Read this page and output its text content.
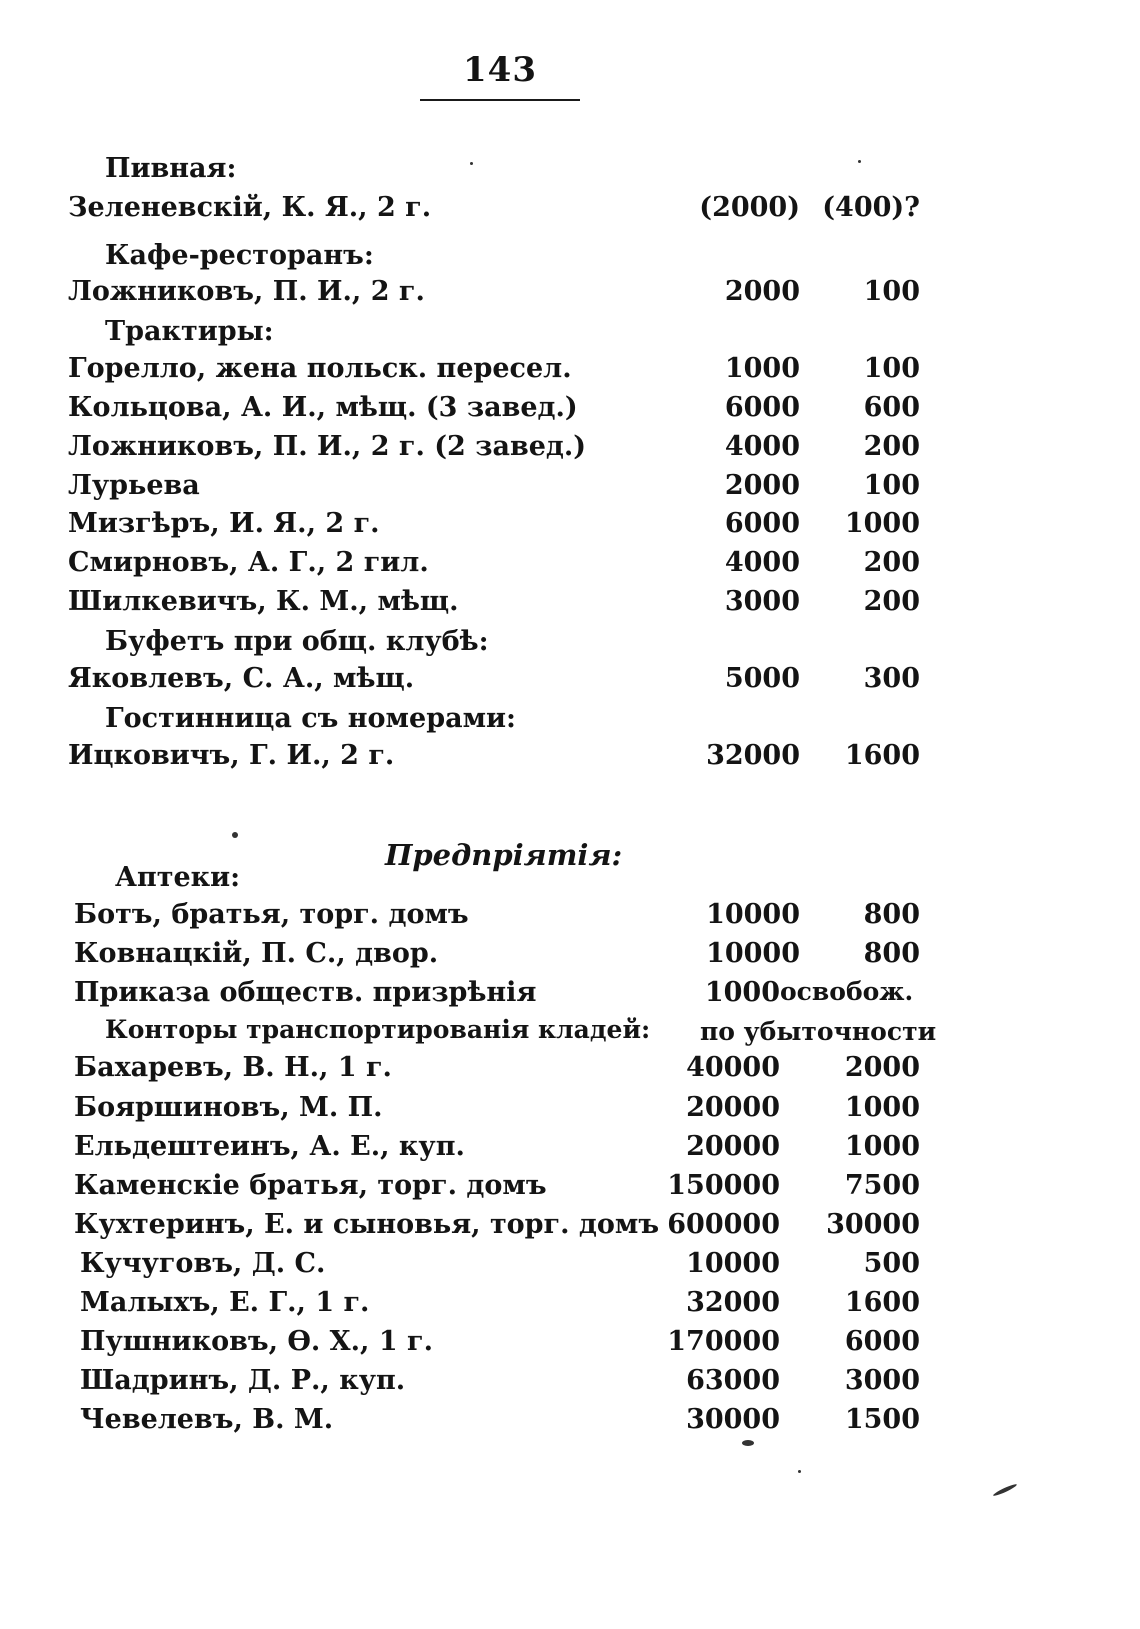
143
Пивная:
Зеленевскій, К. Я., 2 г.	(2000) (400)?
Кафе-ресторанъ:
Ложниковъ, П. И., 2 г.	2000	100
Трактиры:
Горелло, жена польск. пересел.	1000	100
Кольцова, А. И., мѣщ. (3 завед.)	6000	600
Ложниковъ, П. И., 2 г. (2 завед.)	4000	200
Лурьева	2000	100
Мизгѣръ, И. Я., 2 г.	6000	1000
Смирновъ, А. Г., 2 гил.	4000	200
Шилкевичъ, К. М., мѣщ.	3000	200
Буфетъ при общ. клубѣ:
Яковлевъ, С. А., мѣщ.	5000	300
Гостинница съ номерами:
Ицковичъ, Г. И., 2 г.	32000	1600
Предпріятія:
Аптеки:
Ботъ, братья, торг. домъ	10000	800
Ковнацкій, П. С., двор.	10000	800
Приказа обществ. призрѣнія	1000 освобож.
Конторы транспортированія кладей: по убыточности
Бахаревъ, В. Н., 1 г.	40000	2000
Бояршиновъ, М. П.	20000	1000
Ельдештеинъ, А. Е., куп.	20000	1000
Каменскіе братья, торг. домъ	150000	7500
Кухтеринъ, Е. и сыновья, торг. домъ 600000	30000
Кучуговъ, Д. С.	10000	500
Малыхъ, Е. Г., 1 г.	32000	1600
Пушниковъ, Ѳ. Х., 1 г.	170000	6000
Шадринъ, Д. Р., куп.	63000	3000
Чевелевъ, В. М.	30000	1500
